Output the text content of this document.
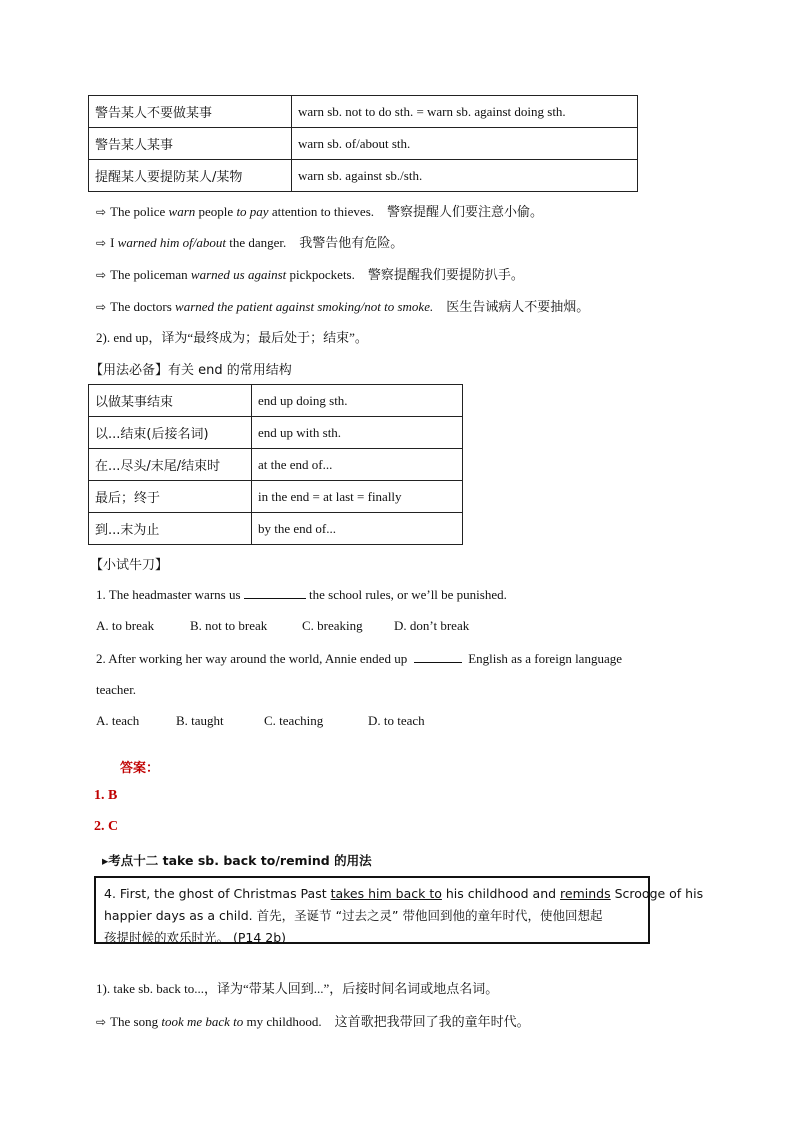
警告某人不要做某事	warn sb. not to do sth. = warn sb. against doing sth.
警告某人某事	warn sb. of/about sth.
提醒某人要提防某人/某物	warn sb. against sb./sth.
⇨ The police warn people to pay attention to thieves. 警察提醒人们要注意小偷。
⇨ I warned him of/about the danger. 我警告他有危险。
⇨ The policeman warned us against pickpockets. 警察提醒我们要提防扒手。
⇨ The doctors warned the patient against smoking/not to smoke. 医生告诫病人不要抽烟。
2). end up，译为“最终成为；最后处于；结束”。
【用法必备】有关 end 的常用结构
以做某事结束	end up doing sth.
以...结束(后接名词)	end up with sth.
在...尽头/末尾/结束时	at the end of...
最后；终于	in the end = at last = finally
到...末为止	by the end of...
【小试牛刀】
1. The headmaster warns us	the school rules, or we’ll be punished.
A. to break	B. not to break	C. breaking D. don’t break
2. After working her way around the world, Annie ended up	English as a foreign language
teacher.
A. teach	B. taught	C. teaching	D. to teach
答案：
1. B
2. C
▸考点十二 take sb. back to/remind 的用法
4. First, the ghost of Christmas Past takes him back to his childhood and reminds Scrooge of his
happier days as a child. 首先，圣诞节 “过去之灵” 带他回到他的童年时代，使他回想起
孩提时候的欢乐时光。 (P14 2b)
1). take sb. back to...，译为“带某人回到...”，后接时间名词或地点名词。
⇨ The song took me back to my childhood. 这首歌把我带回了我的童年时代。
